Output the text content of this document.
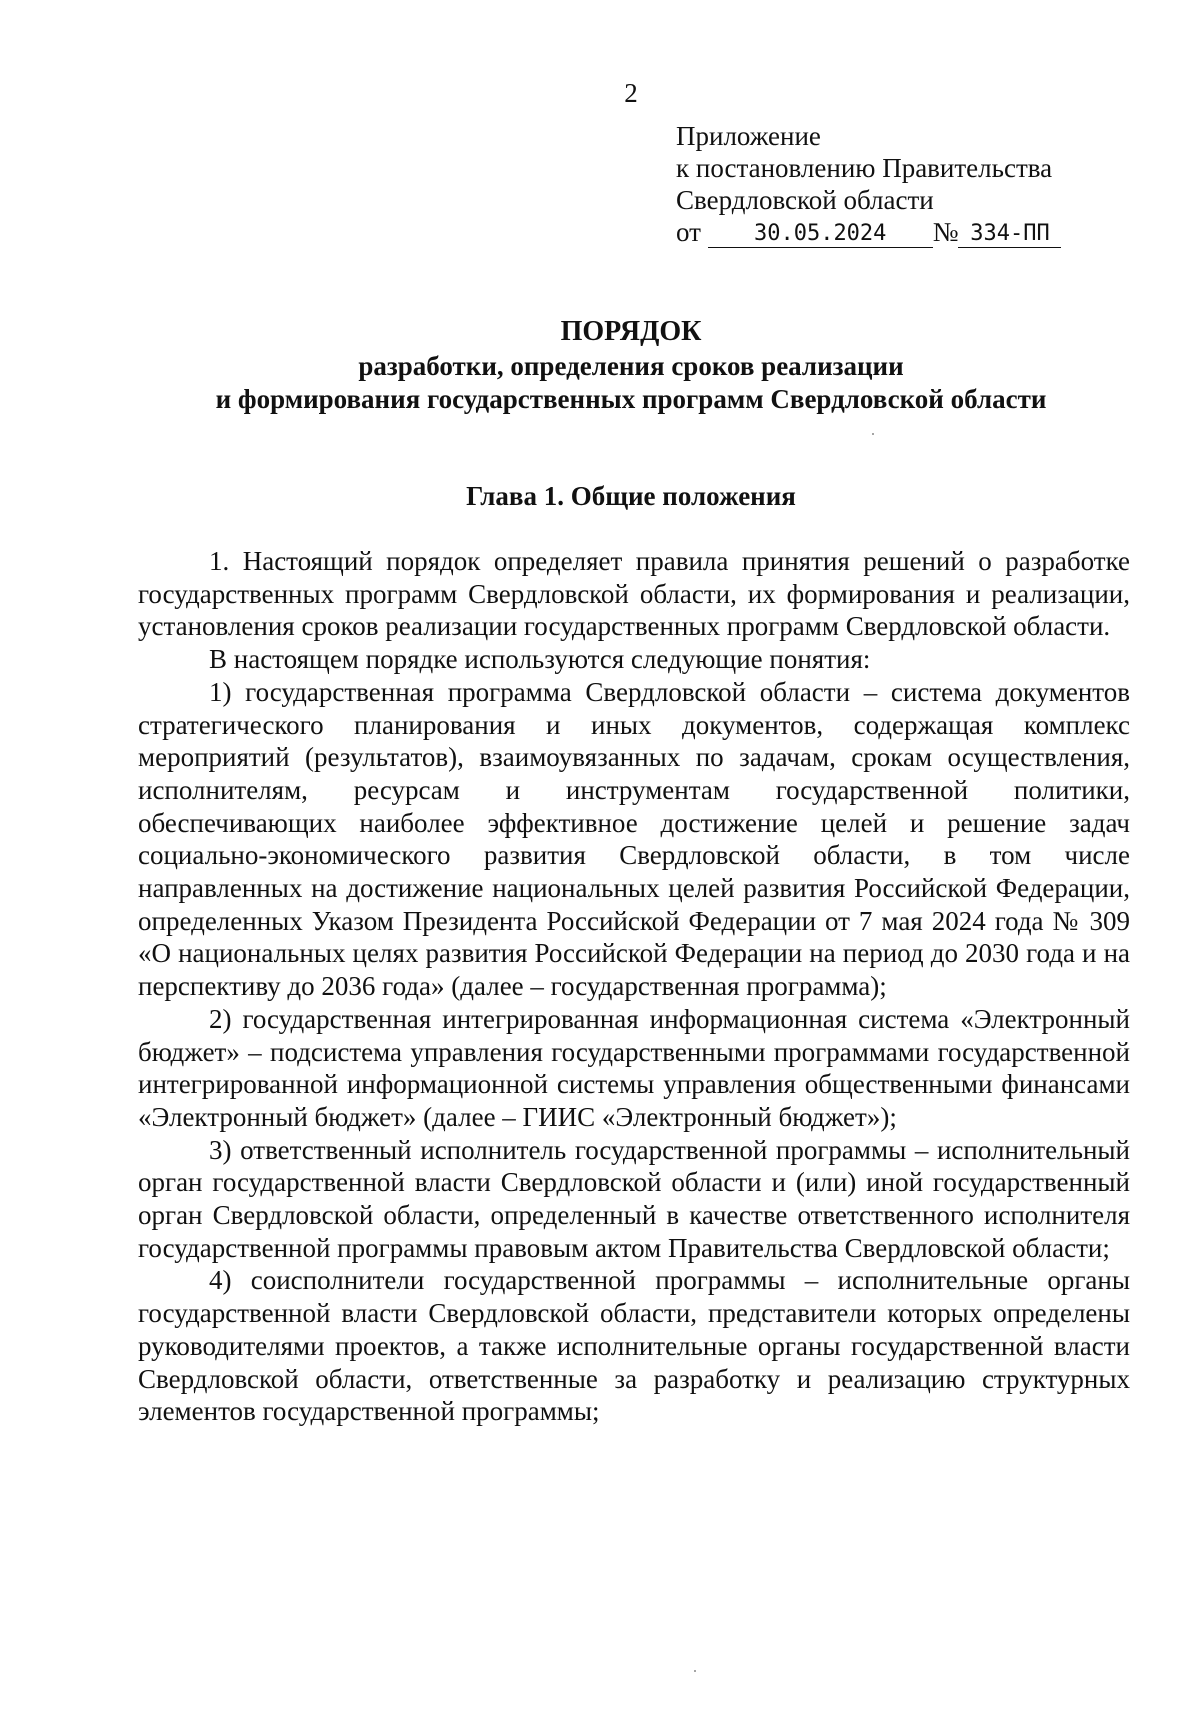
2
Приложение
к постановлению Правительства
Свердловской области
от 30.05.2024 № 334-ПП
ПОРЯДОК
разработки, определения сроков реализации
и формирования государственных программ Свердловской области
Глава 1. Общие положения

1. Настоящий порядок определяет правила принятия решений о разработке государственных программ Свердловской области, их формирования и реализации, установления сроков реализации государственных программ Свердловской области.

В настоящем порядке используются следующие понятия:

1) государственная программа Свердловской области – система документов стратегического планирования и иных документов, содержащая комплекс мероприятий (результатов), взаимоувязанных по задачам, срокам осуществления, исполнителям, ресурсам и инструментам государственной политики, обеспечивающих наиболее эффективное достижение целей и решение задач социально-экономического развития Свердловской области, в том числе направленных на достижение национальных целей развития Российской Федерации, определенных Указом Президента Российской Федерации от 7 мая 2024 года № 309 «О национальных целях развития Российской Федерации на период до 2030 года и на перспективу до 2036 года» (далее – государственная программа);

2) государственная интегрированная информационная система «Электронный бюджет» – подсистема управления государственными программами государственной интегрированной информационной системы управления общественными финансами «Электронный бюджет» (далее – ГИИС «Электронный бюджет»);

3) ответственный исполнитель государственной программы – исполнительный орган государственной власти Свердловской области и (или) иной государственный орган Свердловской области, определенный в качестве ответственного исполнителя государственной программы правовым актом Правительства Свердловской области;

4) соисполнители государственной программы – исполнительные органы государственной власти Свердловской области, представители которых определены руководителями проектов, а также исполнительные органы государственной власти Свердловской области, ответственные за разработку и реализацию структурных элементов государственной программы;
